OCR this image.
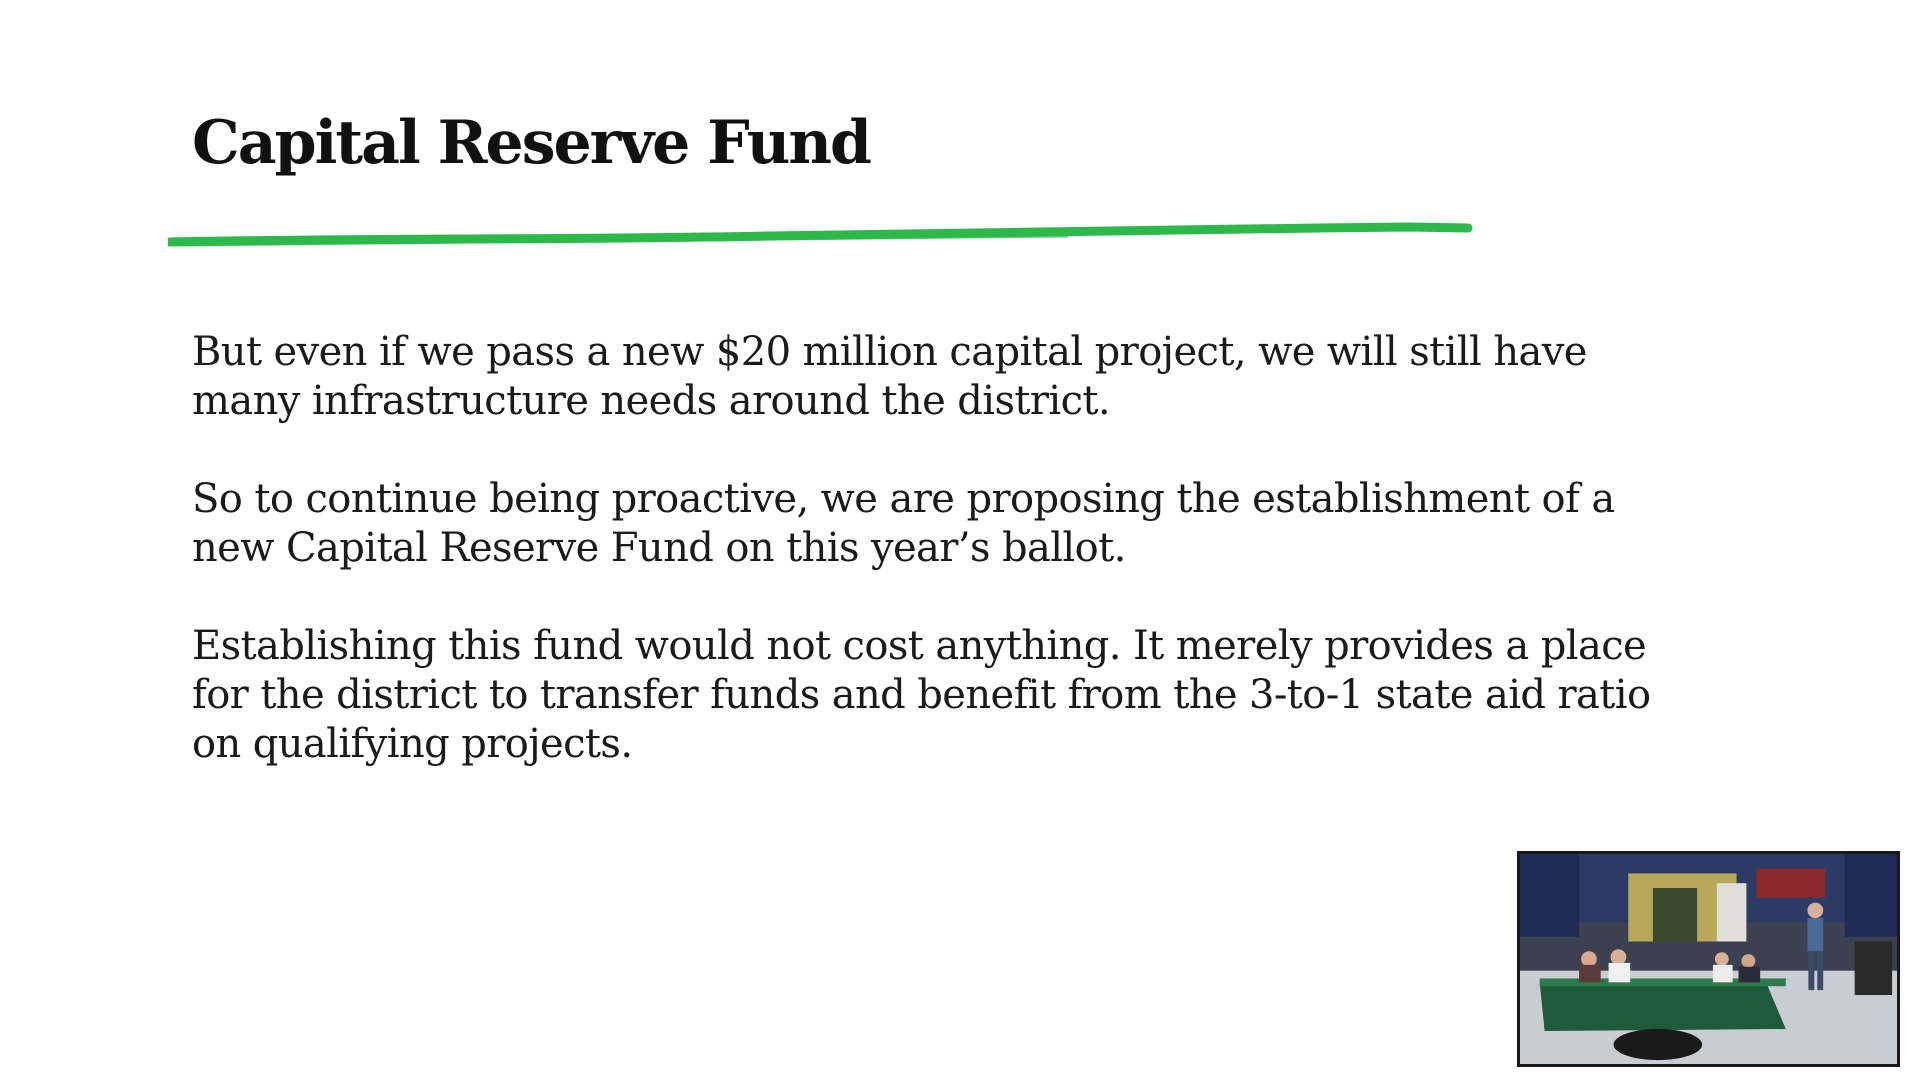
Capital Reserve Fund

But even if we pass a new $20 million capital project, we will still have many infrastructure needs around the district.

So to continue being proactive, we are proposing the establishment of a new Capital Reserve Fund on this year’s ballot.

Establishing this fund would not cost anything. It merely provides a place for the district to transfer funds and benefit from the 3-to-1 state aid ratio on qualifying projects.
